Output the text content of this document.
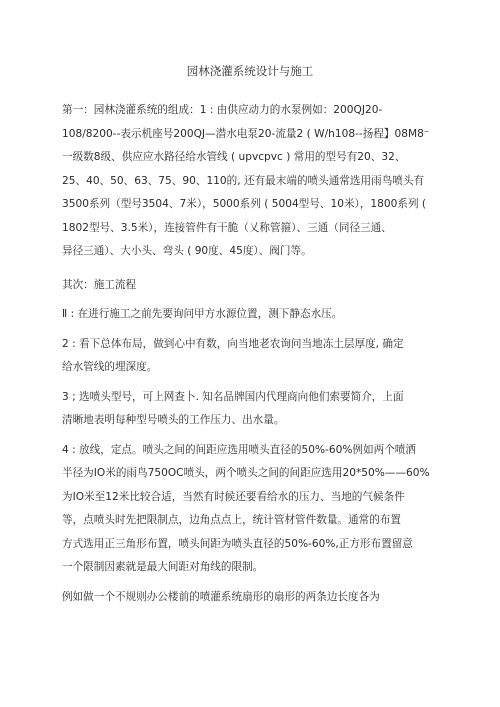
园林浇灌系统设计与施工
第一：园林浇灌系统的组成：1 : 由供应动力的水泵例如：200QJ20-
108/8200--表示机座号200QJ—潜水电泵20-流量2 ( W/h108--扬程】08M8⁻
一级数8级、供应应水路径给水管线 ( upvcpvc ) 常用的型号有20、32、
25、40、50、63、75、90、110的, 还有最末端的喷头通常选用雨鸟喷头有
3500系列（型号3504、7米），5000系列 ( 5004型号、10米），1800系列 (
1802型号、3.5米），连接管件有干脆（乂称管箍）、三通（同径三通、
异径三通）、大小头、弯头 ( 90度、45度）、阀门等。
其次：施工流程
Ⅱ : 在进行施工之前先要询问甲方水源位置，测下静态水压。
2 : 看下总体布局，做到心中有数，向当地老农询问当地冻土层厚度, 确定
给水管线的埋深度。
3 ; 选喷头型号，可上网查卜. 知名品牌国内代理商向他们索要简介，上面
清晰地表明每种型号喷头的工作压力、出水量。
4 : 放线，定点。喷头之间的间距应选用喷头直径的50%-60%例如两个喷洒
半径为IO米的雨鸟750OC喷头，两个喷头之间的间距应选用20*50%——60%
为IO米至12米比较合适，当然有时候还要看给水的压力、当地的气候条件
等，点喷头时先把限制点，边角点点上，统计管材管件数量。通常的布置
方式选用正三角形布置，喷头间距为喷头直径的50%-60%,正方形布置留意
一个限制因素就是最大间距对角线的限制。
例如做一个不规则办公楼前的喷灌系统扇形的扇形的两条边长度各为
